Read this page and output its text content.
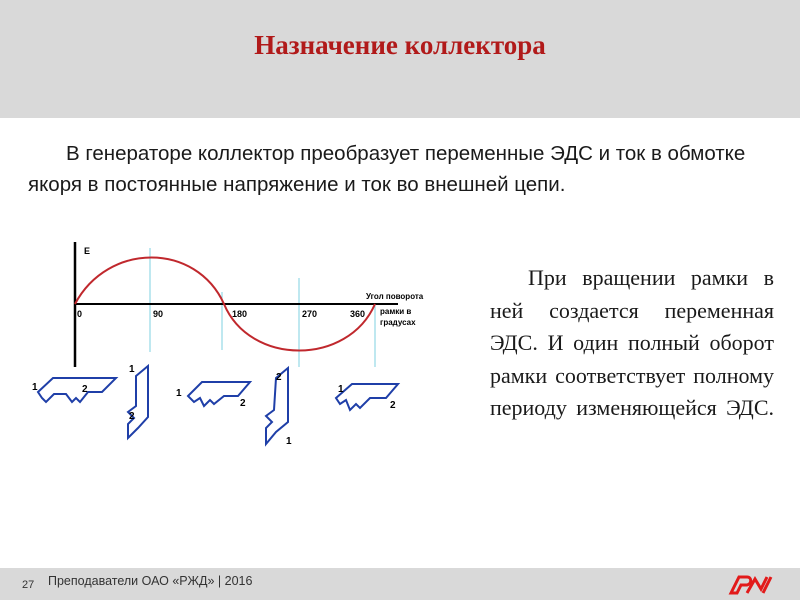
Назначение коллектора
В генераторе коллектор преобразует переменные ЭДС и ток в обмотке якоря в постоянные напряжение и ток во внешней цепи.
Е
Угол поворота
рамки в
градусах
0	90	180	270	360
1	2
1
2
1
2
2
1
1
2
При вращении рамки в ней создается переменная ЭДС. И один полный оборот рамки соответствует полному периоду изменяющейся ЭДС.
27 Преподаватели ОАО «РЖД» | 2016
